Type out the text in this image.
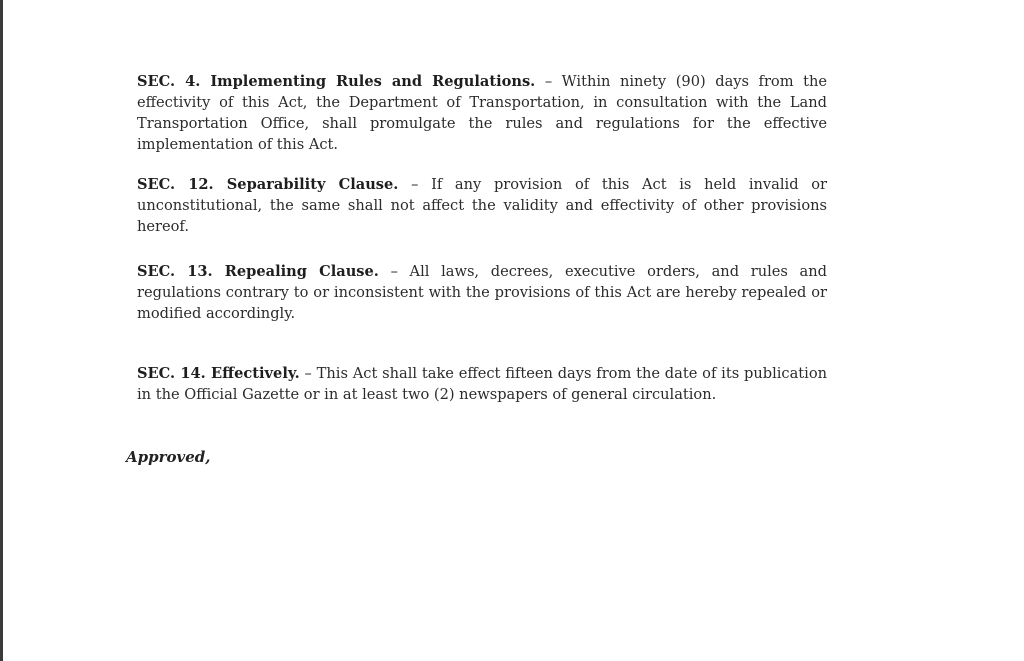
SEC. 4. Implementing Rules and Regulations. – Within ninety (90) days from the effectivity of this Act, the Department of Transportation, in consultation with the Land Transportation Office, shall promulgate the rules and regulations for the effective implementation of this Act.

SEC. 12. Separability Clause. – If any provision of this Act is held invalid or unconstitutional, the same shall not affect the validity and effectivity of other provisions hereof.

SEC. 13. Repealing Clause. – All laws, decrees, executive orders, and rules and regulations contrary to or inconsistent with the provisions of this Act are hereby repealed or modified accordingly.

SEC. 14. Effectively. – This Act shall take effect fifteen days from the date of its publication in the Official Gazette or in at least two (2) newspapers of general circulation.

Approved,
